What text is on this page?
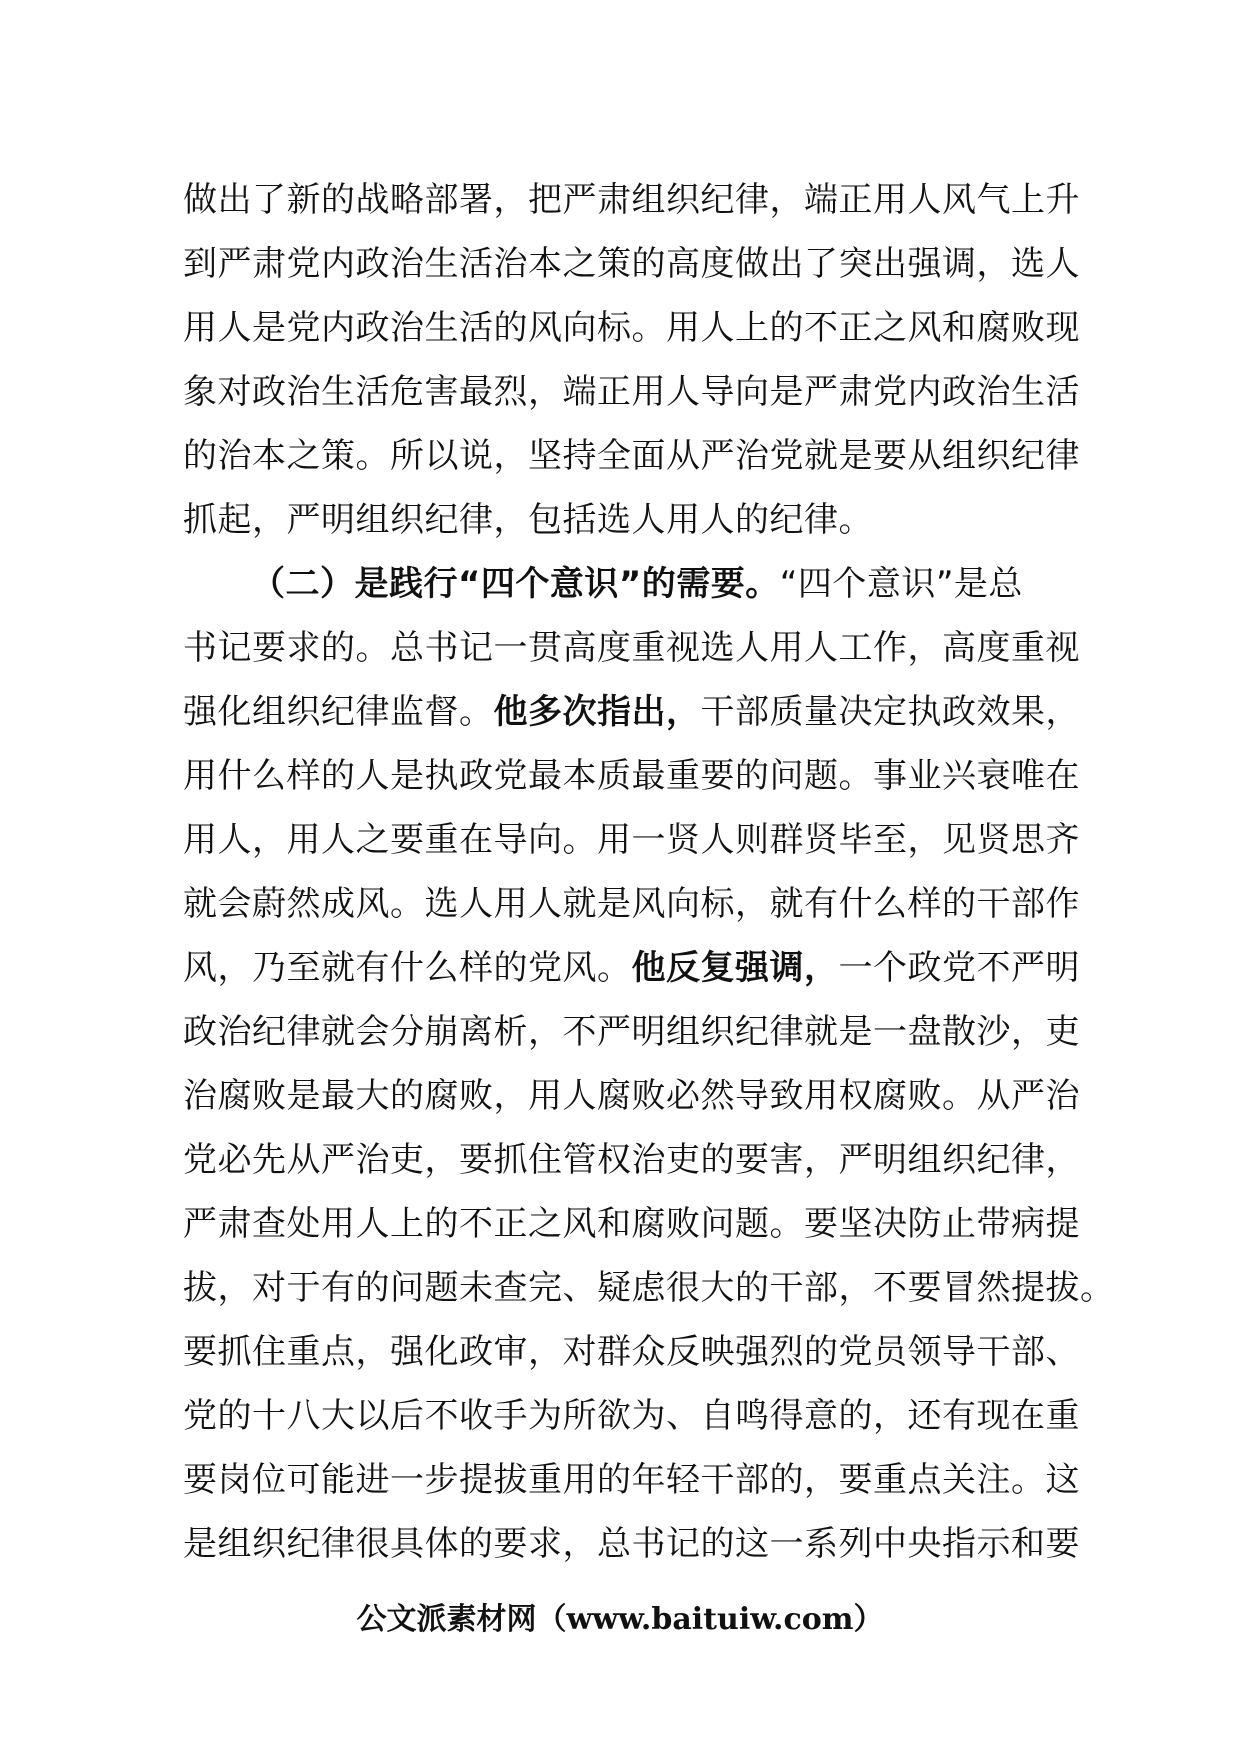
做出了新的战略部署，把严肃组织纪律，端正用人风气上升
到严肃党内政治生活治本之策的高度做出了突出强调，选人
用人是党内政治生活的风向标。用人上的不正之风和腐败现
象对政治生活危害最烈，端正用人导向是严肃党内政治生活
的治本之策。所以说，坚持全面从严治党就是要从组织纪律
抓起，严明组织纪律，包括选人用人的纪律。
（二）是践行“四个意识”的需要。“四个意识”是总
书记要求的。总书记一贯高度重视选人用人工作，高度重视
强化组织纪律监督。他多次指出，干部质量决定执政效果，
用什么样的人是执政党最本质最重要的问题。事业兴衰唯在
用人，用人之要重在导向。用一贤人则群贤毕至，见贤思齐
就会蔚然成风。选人用人就是风向标，就有什么样的干部作
风，乃至就有什么样的党风。他反复强调，一个政党不严明
政治纪律就会分崩离析，不严明组织纪律就是一盘散沙，吏
治腐败是最大的腐败，用人腐败必然导致用权腐败。从严治
党必先从严治吏，要抓住管权治吏的要害，严明组织纪律，
严肃查处用人上的不正之风和腐败问题。要坚决防止带病提
拔，对于有的问题未查完、疑虑很大的干部，不要冒然提拔。
要抓住重点，强化政审，对群众反映强烈的党员领导干部、
党的十八大以后不收手为所欲为、自鸣得意的，还有现在重
要岗位可能进一步提拔重用的年轻干部的，要重点关注。这
是组织纪律很具体的要求，总书记的这一系列中央指示和要
公文派素材网（www.baituiw.com）
